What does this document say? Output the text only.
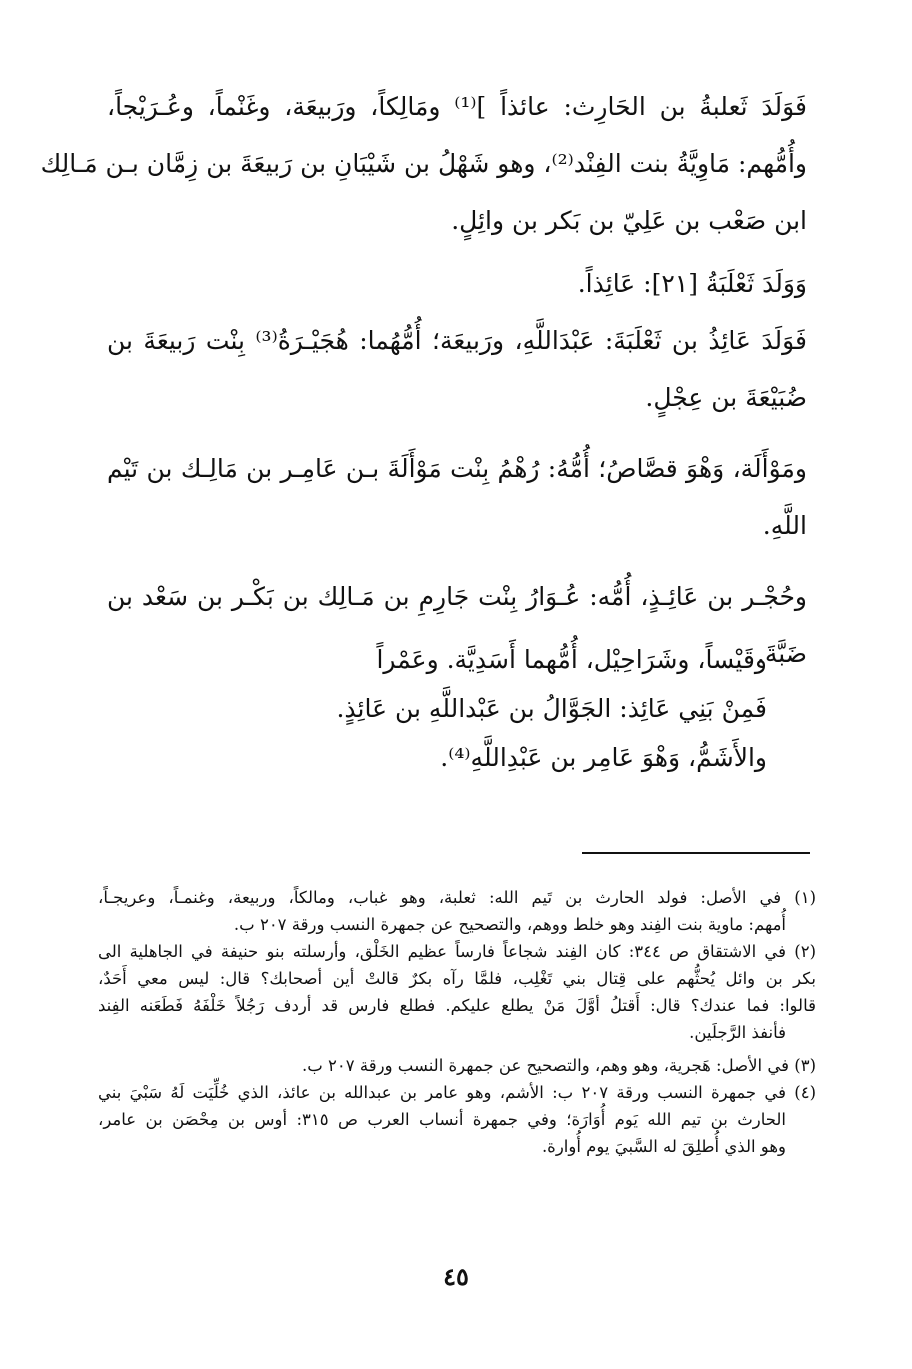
فَوَلَدَ ثَعلبةُ بن الحَارِث: عائذاً ]⁽¹⁾ ومَالِكاً، ورَبيعَة، وغَنْماً، وعُـرَيْجاً،
وأُمُّهم: مَاوِيَّةُ بنت الفِنْد⁽²⁾، وهو شَهْلُ بن شَيْبَانِ بن رَبيعَةَ بن زِمَّان بـن مَـالِك
ابن صَعْب بن عَلِيّ بن بَكر بن وائِلٍ.
وَوَلَدَ ثَعْلَبَةُ [٢١]: عَائِذاً.
فَوَلَدَ عَائِذُ بن ثَعْلَبَةَ: عَبْدَاللَّهِ، ورَبيعَة؛ أُمُّهُما: هُجَيْـرَةُ⁽³⁾ بِنْت رَبيعَةَ بن
ضُبَيْعَةَ بن عِجْلٍ.
ومَوْأَلَة، وَهْوَ قصَّاصُ؛ أُمُّهُ: رُهْمُ بِنْت مَوْأَلَةَ بـن عَامِـر بن مَالِـك بن تَيْم
اللَّهِ.
وحُجْـر بن عَائِـذٍ، أُمُّه: عُـوَارُ بِنْت جَارِمِ بن مَـالِك بن بَكْـر بن سَعْد بن
ضَبَّةَ.
وقَيْساً، وشَرَاحِيْل، أُمُّهما أَسَدِيَّة. وعَمْراً
فَمِنْ بَنِي عَائِذ: الجَوَّالُ بن عَبْداللَّهِ بن عَائِذٍ.
والأَشَمُّ، وَهْوَ عَامِر بن عَبْدِاللَّهِ⁽⁴⁾.
(١) في الأصل: فولد الحارث بن تَيم الله: ثعلبة، وهو غباب، ومالكاً، وربيعة، وغنمـاً، وعريجـاً،
أُمهم: ماوية بنت الفِند وهو خلط ووهم، والتصحيح عن جمهرة النسب ورقة ٢٠٧ ب.
(٢) في الاشتقاق ص ٣٤٤: كان الفِند شجاعاً فارساً عظيم الخَلْق، وأرسلته بنو حنيفة في الجاهلية الى
بكر بن وائل يُحثُّهم على قِتال بني تَغْلِب، فلمَّا رآه بكرٌ قالتْ أين أصحابك؟ قال: ليس معي أَحَدٌ،
قالوا: فما عندك؟ قال: أَقتلُ أوَّلَ مَنْ يطلع عليكم. فطلع فارس قد أردف رَجُلاً خَلْفَهُ فَطَعَنه الفِند
فأنفذ الرَّجلَين.
(٣) في الأصل: هَجرية، وهو وهم، والتصحيح عن جمهرة النسب ورقة ٢٠٧ ب.
(٤) في جمهرة النسب ورقة ٢٠٧ ب: الأشم، وهو عامر بن عبدالله بن عائذ، الذي خُلِّيَت لَهُ سَبْيَ بني
الحارث بن تيم الله يَوم أُوَارَة؛ وفي جمهرة أنساب العرب ص ٣١٥: أوس بن مِحْصَن بن عامر،
وهو الذي أُطلِقَ له السَّبيَ يوم أُوارة.
٤٥
